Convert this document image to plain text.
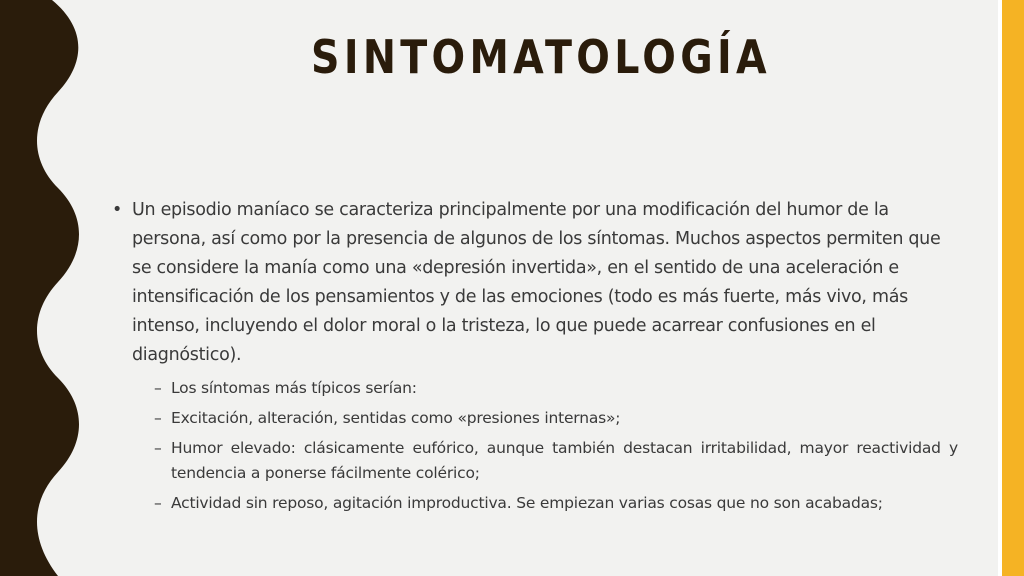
SINTOMATOLOGÍA
• Un episodio maníaco se caracteriza principalmente por una modificación del humor de la persona, así como por la presencia de algunos de los síntomas. Muchos aspectos permiten que se considere la manía como una «depresión invertida», en el sentido de una aceleración e intensificación de los pensamientos y de las emociones (todo es más fuerte, más vivo, más intenso, incluyendo el dolor moral o la tristeza, lo que puede acarrear confusiones en el diagnóstico).
– Los síntomas más típicos serían:
– Excitación, alteración, sentidas como «presiones internas»;
– Humor elevado: clásicamente eufórico, aunque también destacan irritabilidad, mayor reactividad y tendencia a ponerse fácilmente colérico;
– Actividad sin reposo, agitación improductiva. Se empiezan varias cosas que no son acabadas;
